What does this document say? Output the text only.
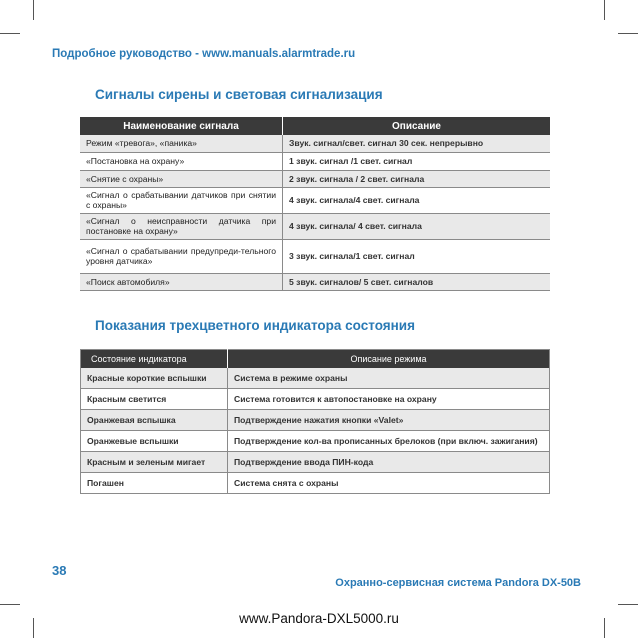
Подробное руководство - www.manuals.alarmtrade.ru
Сигналы сирены и световая сигнализация
Наименование сигнала	Описание
Режим «тревога», «паника»	Звук. сигнал/свет. сигнал 30 сек. непрерывно
«Постановка на охрану»	1 звук. сигнал /1 свет. сигнал
«Снятие с охраны»	2 звук. сигнала / 2 свет. сигнала
«Сигнал о срабатывании датчиков при снятии с охраны»	4 звук. сигнала/4 свет. сигнала
«Сигнал о неисправности датчика при постановке на охрану»	4 звук. сигнала/ 4 свет. сигнала
«Сигнал о срабатывании предупреди-тельного уровня датчика»	3 звук. сигнала/1 свет. сигнал
«Поиск автомобиля»	5 звук. сигналов/ 5 свет. сигналов
Показания трехцветного индикатора состояния
Состояние индикатора	Описание режима
Красные короткие вспышки	Система в режиме охраны
Красным светится	Система готовится к автопостановке на охрану
Оранжевая вспышка	Подтверждение нажатия кнопки «Valet»
Оранжевые вспышки	Подтверждение кол-ва прописанных брелоков (при включ. зажигания)
Красным и зеленым мигает	Подтверждение ввода ПИН-кода
Погашен	Система снята с охраны
38
Охранно-сервисная система Pandora DX-50B
www.Pandora-DXL5000.ru
